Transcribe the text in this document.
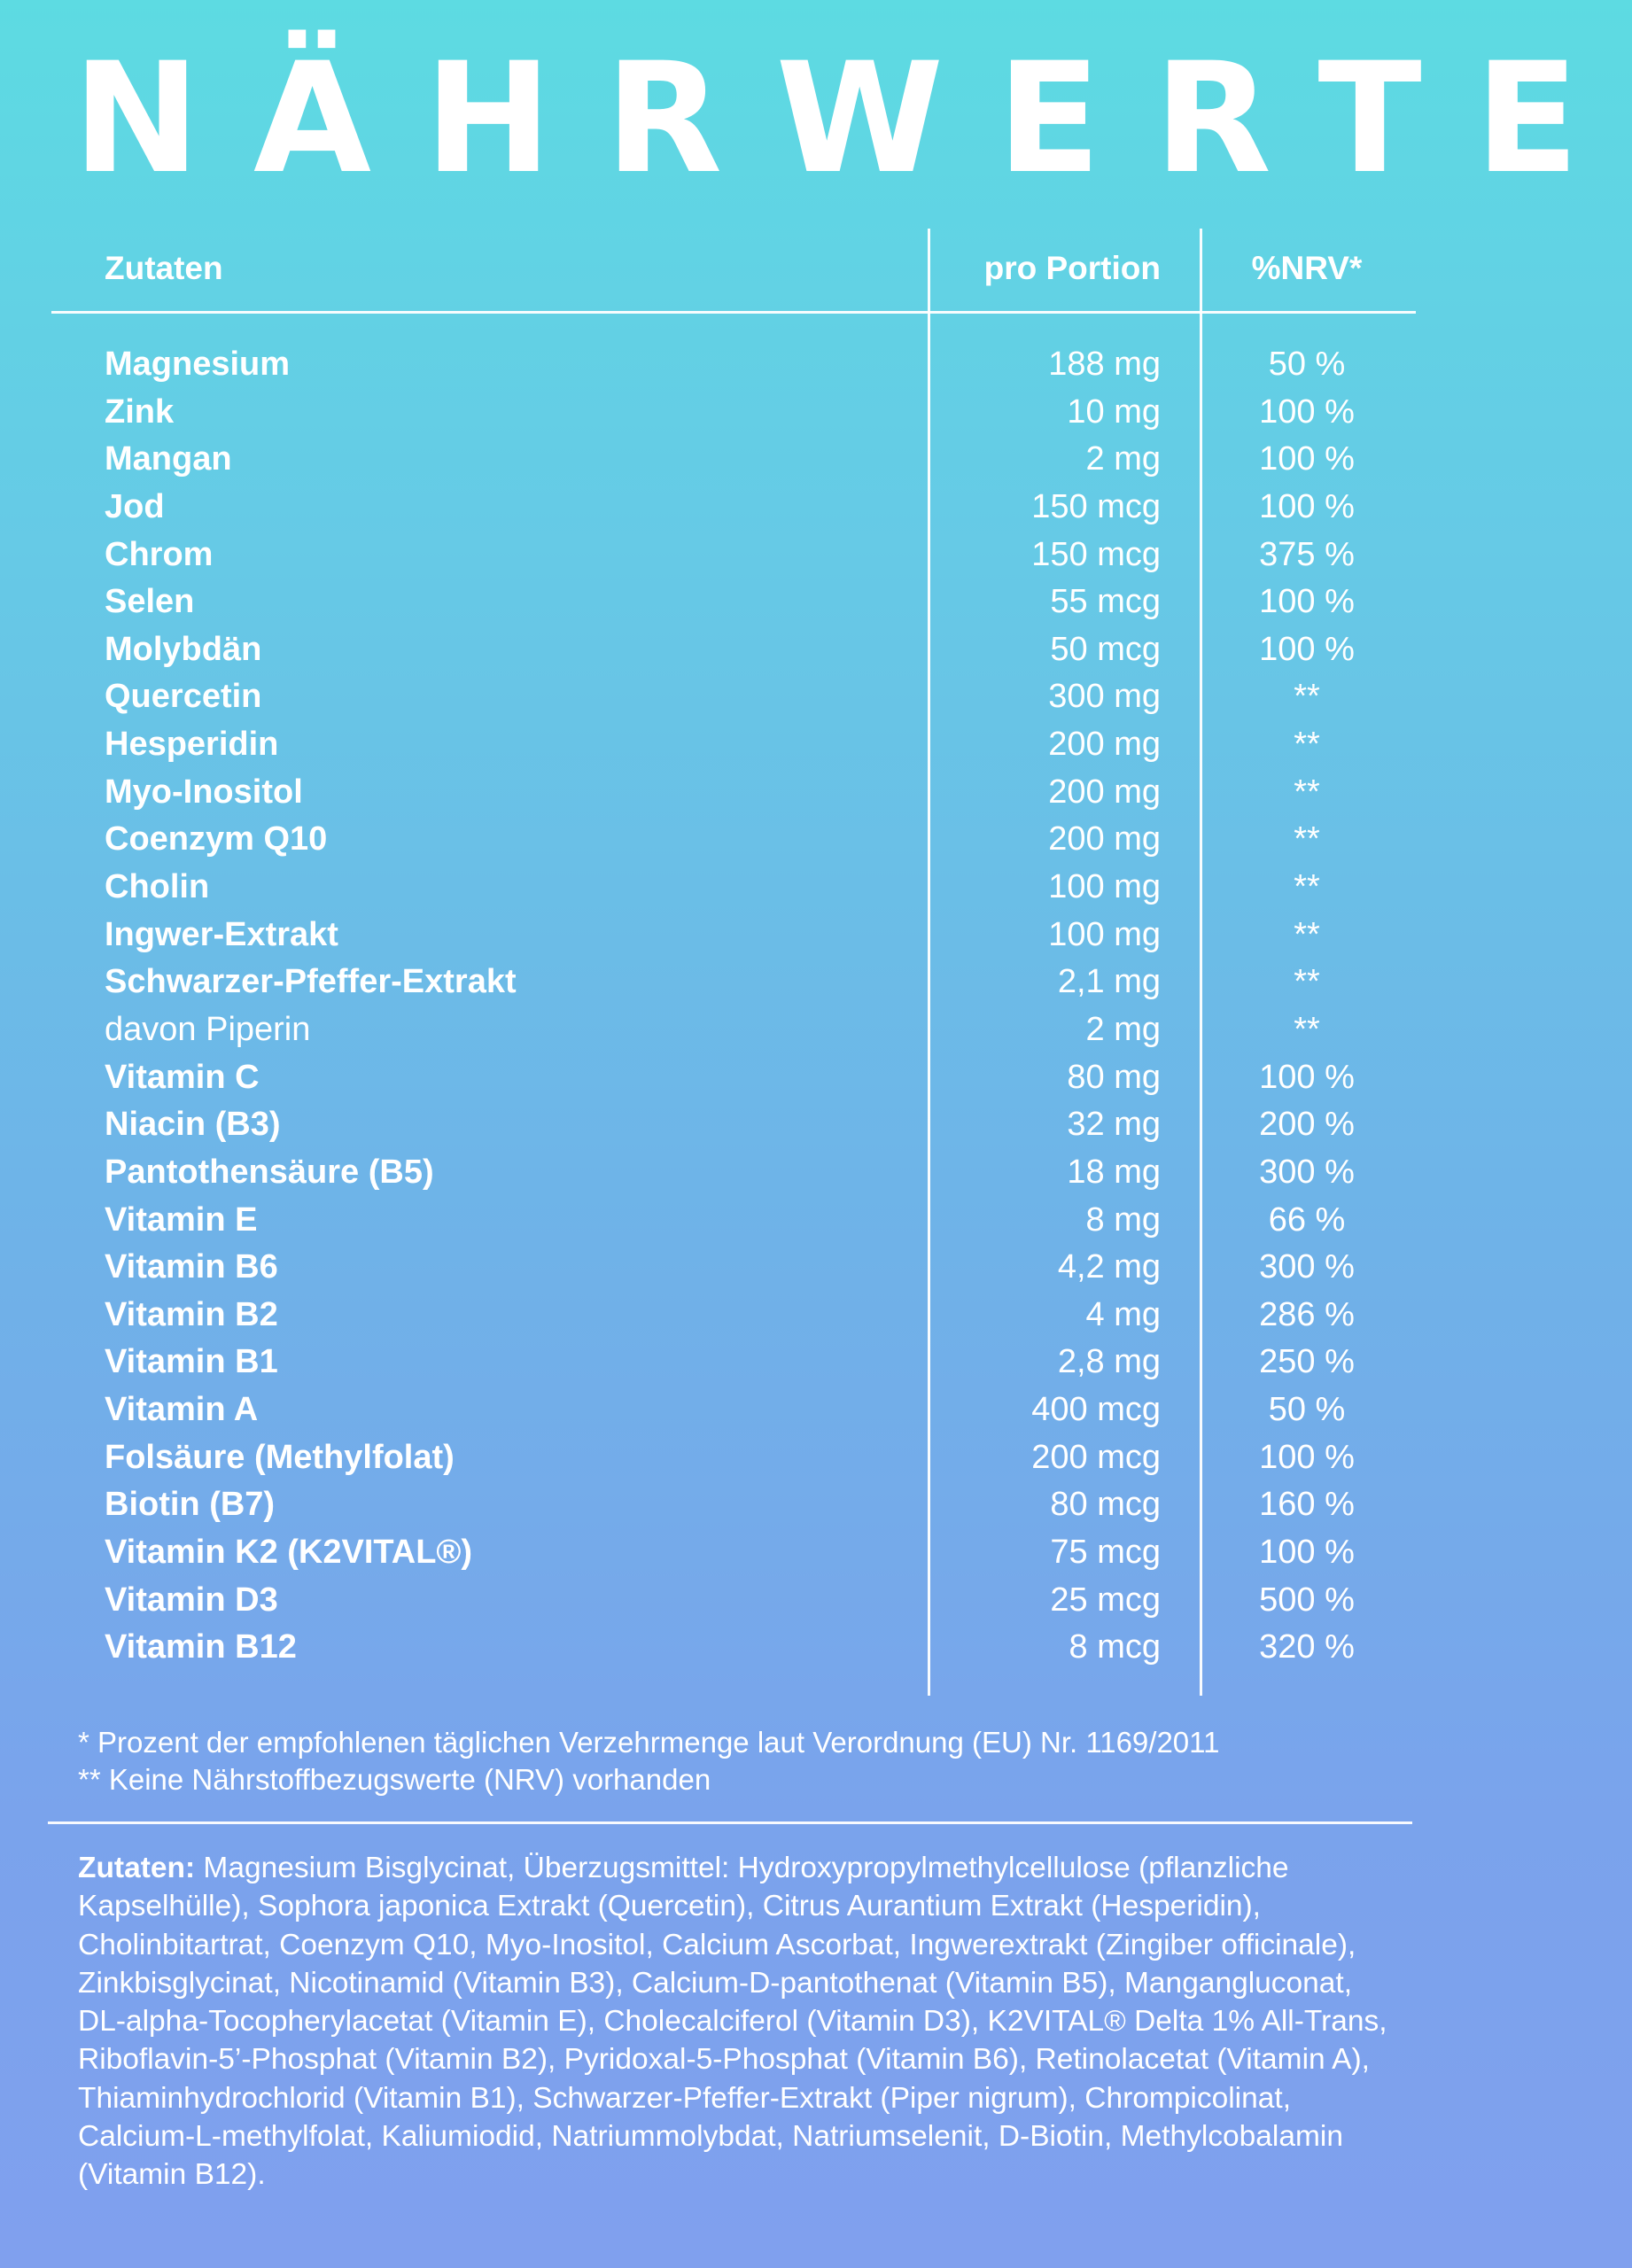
NÄHRWERTE
Zutaten	pro Portion	%NRV*
Magnesium	188 mg	50 %
Zink	10 mg	100 %
Mangan	2 mg	100 %
Jod	150 mcg	100 %
Chrom	150 mcg	375 %
Selen	55 mcg	100 %
Molybdän	50 mcg	100 %
Quercetin	300 mg	**
Hesperidin	200 mg	**
Myo-Inositol	200 mg	**
Coenzym Q10	200 mg	**
Cholin	100 mg	**
Ingwer-Extrakt	100 mg	**
Schwarzer-Pfeffer-Extrakt	2,1 mg	**
davon Piperin	2 mg	**
Vitamin C	80 mg	100 %
Niacin (B3)	32 mg	200 %
Pantothensäure (B5)	18 mg	300 %
Vitamin E	8 mg	66 %
Vitamin B6	4,2 mg	300 %
Vitamin B2	4 mg	286 %
Vitamin B1	2,8 mg	250 %
Vitamin A	400 mcg	50 %
Folsäure (Methylfolat)	200 mcg	100 %
Biotin (B7)	80 mcg	160 %
Vitamin K2 (K2VITAL®)	75 mcg	100 %
Vitamin D3	25 mcg	500 %
Vitamin B12	8 mcg	320 %
* Prozent der empfohlenen täglichen Verzehrmenge laut Verordnung (EU) Nr. 1169/2011
** Keine Nährstoffbezugswerte (NRV) vorhanden

Zutaten: Magnesium Bisglycinat, Überzugsmittel: Hydroxypropylmethylcellulose (pflanzliche Kapselhülle), Sophora japonica Extrakt (Quercetin), Citrus Aurantium Extrakt (Hesperidin), Cholinbitartrat, Coenzym Q10, Myo-Inositol, Calcium Ascorbat, Ingwerextrakt (Zingiber officinale), Zinkbisglycinat, Nicotinamid (Vitamin B3), Calcium-D-pantothenat (Vitamin B5), Mangangluconat, DL-alpha-Tocopherylacetat (Vitamin E), Cholecalciferol (Vitamin D3), K2VITAL® Delta 1% All-Trans, Riboflavin-5’-Phosphat (Vitamin B2), Pyridoxal-5-Phosphat (Vitamin B6), Retinolacetat (Vitamin A), Thiaminhydrochlorid (Vitamin B1), Schwarzer-Pfeffer-Extrakt (Piper nigrum), Chrompicolinat, Calcium-L-methylfolat, Kaliumiodid, Natriummolybdat, Natriumselenit, D-Biotin, Methylcobalamin (Vitamin B12).
